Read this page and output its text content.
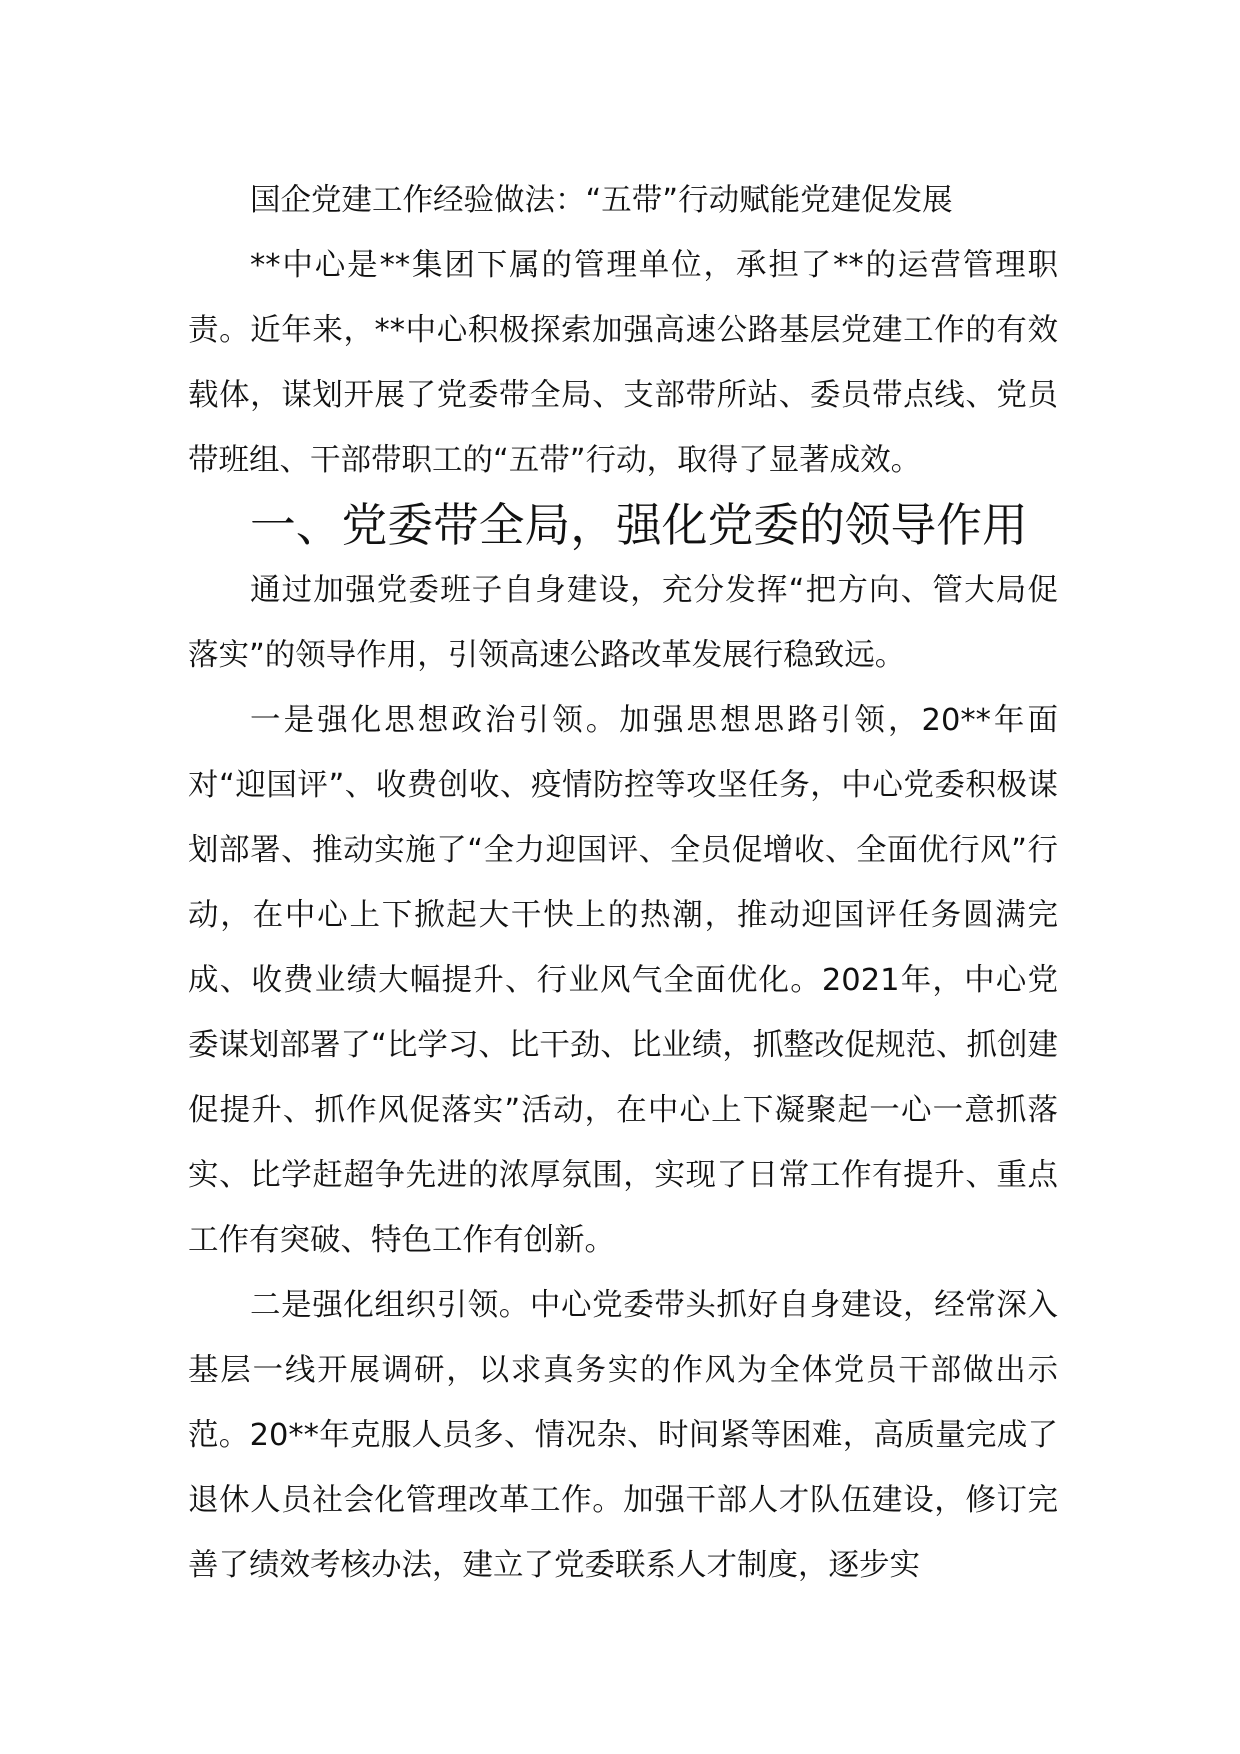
国企党建工作经验做法：“五带”行动赋能党建促发展

**中心是**集团下属的管理单位，承担了**的运营管理职责。近年来，**中心积极探索加强高速公路基层党建工作的有效载体，谋划开展了党委带全局、支部带所站、委员带点线、党员带班组、干部带职工的“五带”行动，取得了显著成效。

一、党委带全局，强化党委的领导作用

通过加强党委班子自身建设，充分发挥“把方向、管大局促落实”的领导作用，引领高速公路改革发展行稳致远。

一是强化思想政治引领。加强思想思路引领，20**年面对“迎国评”、收费创收、疫情防控等攻坚任务，中心党委积极谋划部署、推动实施了“全力迎国评、全员促增收、全面优行风”行动，在中心上下掀起大干快上的热潮，推动迎国评任务圆满完成、收费业绩大幅提升、行业风气全面优化。2021年，中心党委谋划部署了“比学习、比干劲、比业绩，抓整改促规范、抓创建促提升、抓作风促落实”活动，在中心上下凝聚起一心一意抓落实、比学赶超争先进的浓厚氛围，实现了日常工作有提升、重点工作有突破、特色工作有创新。

二是强化组织引领。中心党委带头抓好自身建设，经常深入基层一线开展调研，以求真务实的作风为全体党员干部做出示范。20**年克服人员多、情况杂、时间紧等困难，高质量完成了退休人员社会化管理改革工作。加强干部人才队伍建设，修订完善了绩效考核办法，建立了党委联系人才制度，逐步实
